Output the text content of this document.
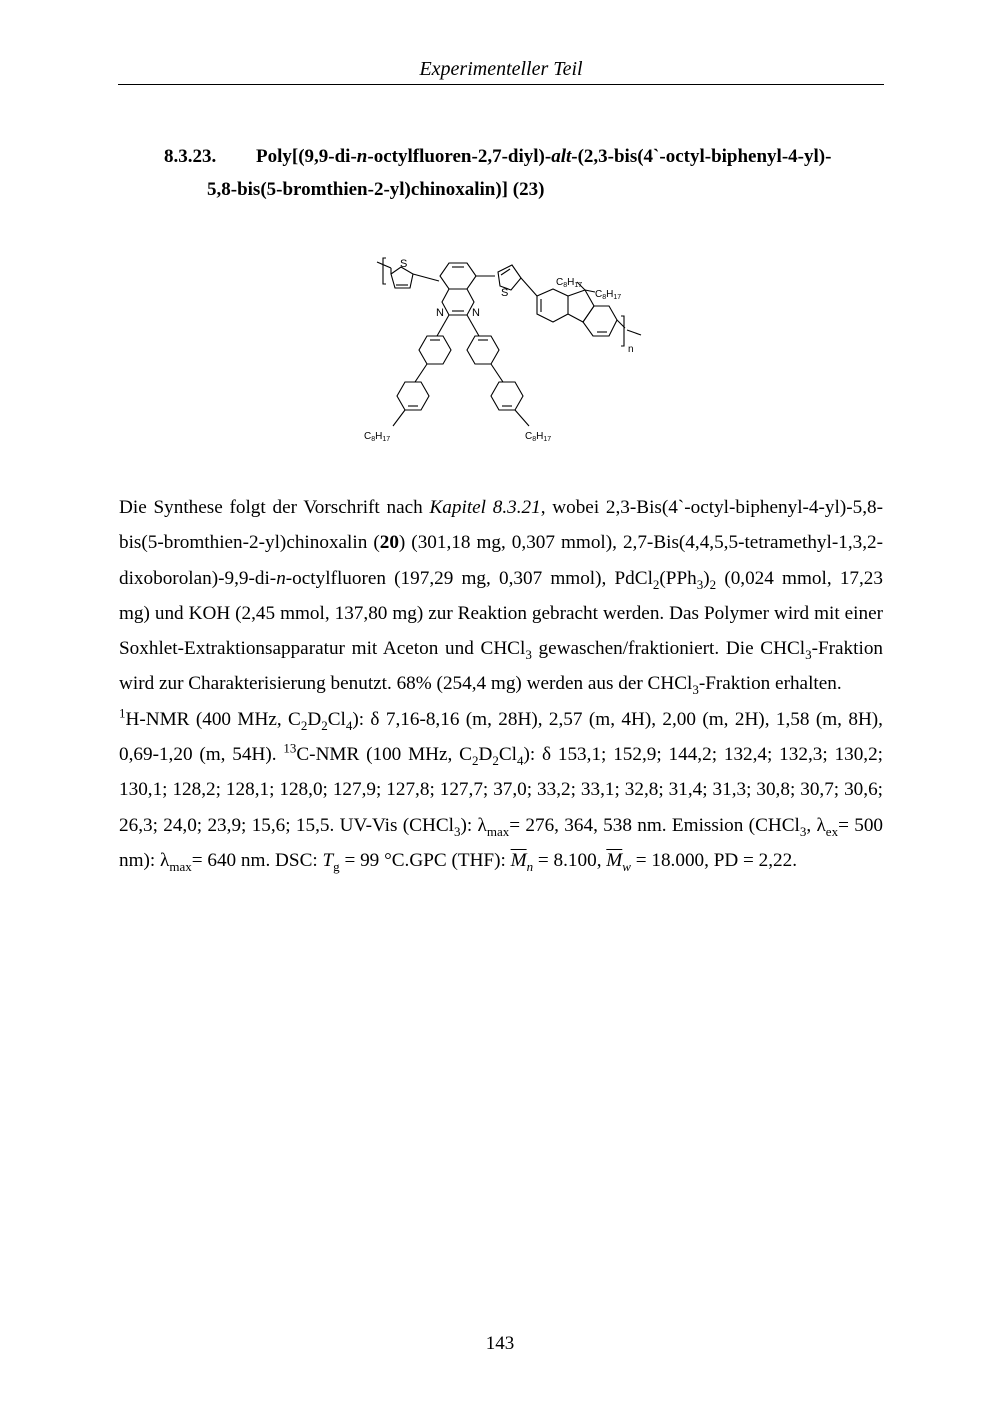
Experimenteller Teil
8.3.23. Poly[(9,9-di-n-octylfluoren-2,7-diyl)-alt-(2,3-bis(4`-octyl-biphenyl-4-yl)-
5,8-bis(5-bromthien-2-yl)chinoxalin)] (23)
S
S
N	N
n
$C_8H_{17}$
$C_8H_{17}$
$C_8H_{17}$	$C_8H_{17}$

Die Synthese folgt der Vorschrift nach Kapitel 8.3.21, wobei 2,3-Bis(4`-octyl-biphenyl-4-yl)-5,8-bis(5-bromthien-2-yl)chinoxalin (20) (301,18 mg, 0,307 mmol), 2,7-Bis(4,4,5,5-tetramethyl-1,3,2-dixoborolan)-9,9-di-n-octylfluoren (197,29 mg, 0,307 mmol), $PdCl_2(PPh_3)_2$ (0,024 mmol, 17,23 mg) und KOH (2,45 mmol, 137,80 mg) zur Reaktion gebracht werden. Das Polymer wird mit einer Soxhlet-Extraktionsapparatur mit Aceton und CHCl$_3$ gewaschen/fraktioniert. Die CHCl$_3$-Fraktion wird zur Charakterisierung benutzt. 68% (254,4 mg) werden aus der CHCl$_3$-Fraktion erhalten.

$^1$H-NMR (400 MHz, $C_2D_2Cl_4$): δ 7,16-8,16 (m, 28H), 2,57 (m, 4H), 2,00 (m, 2H), 1,58 (m, 8H), 0,69-1,20 (m, 54H). $^{13}$C-NMR (100 MHz, $C_2D_2Cl_4$): δ 153,1; 152,9; 144,2; 132,4; 132,3; 130,2; 130,1; 128,2; 128,1; 128,0; 127,9; 127,8; 127,7; 37,0; 33,2; 33,1; 32,8; 31,4; 31,3; 30,8; 30,7; 30,6; 26,3; 24,0; 23,9; 15,6; 15,5. UV-Vis (CHCl$_3$): $\lambda_{max}= 276$, 364, 538 nm. Emission (CHCl$_3$, $\lambda_{ex}= 500$ nm): $\lambda_{max}= 640$ nm. DSC: $T_g = 99$ °C.GPC (THF): $\overline{M}_n = 8.100$, $\overline{M}_w = 18.000$, PD = 2,22.

143
